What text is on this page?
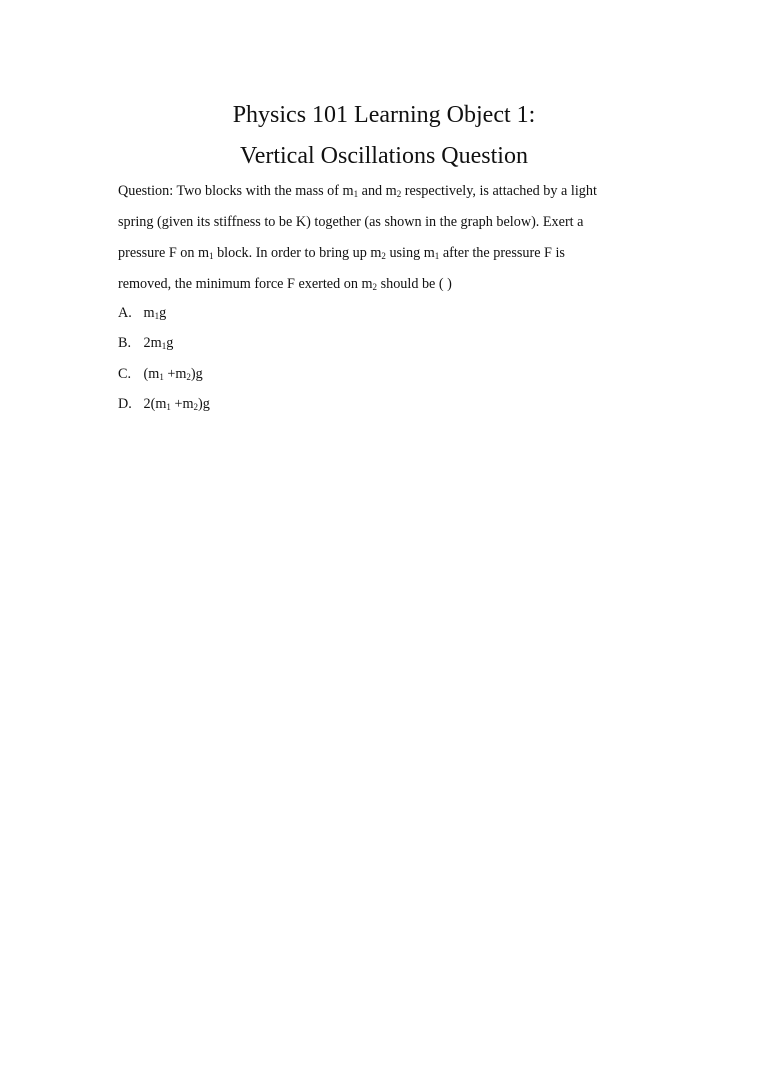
Physics 101 Learning Object 1:
Vertical Oscillations Question
Question: Two blocks with the mass of $m_1$ and $m_2$ respectively, is attached by a light
spring (given its stiffness to be K) together (as shown in the graph below). Exert a
pressure F on $m_1$ block. In order to bring up $m_2$ using $m_1$ after the pressure F is
removed, the minimum force F exerted on $m_2$ should be ( )
A. $m_1g$
B. $2m_1g$
C. $(m_1 +m_2)g$
D. $2(m_1 +m_2)g$
